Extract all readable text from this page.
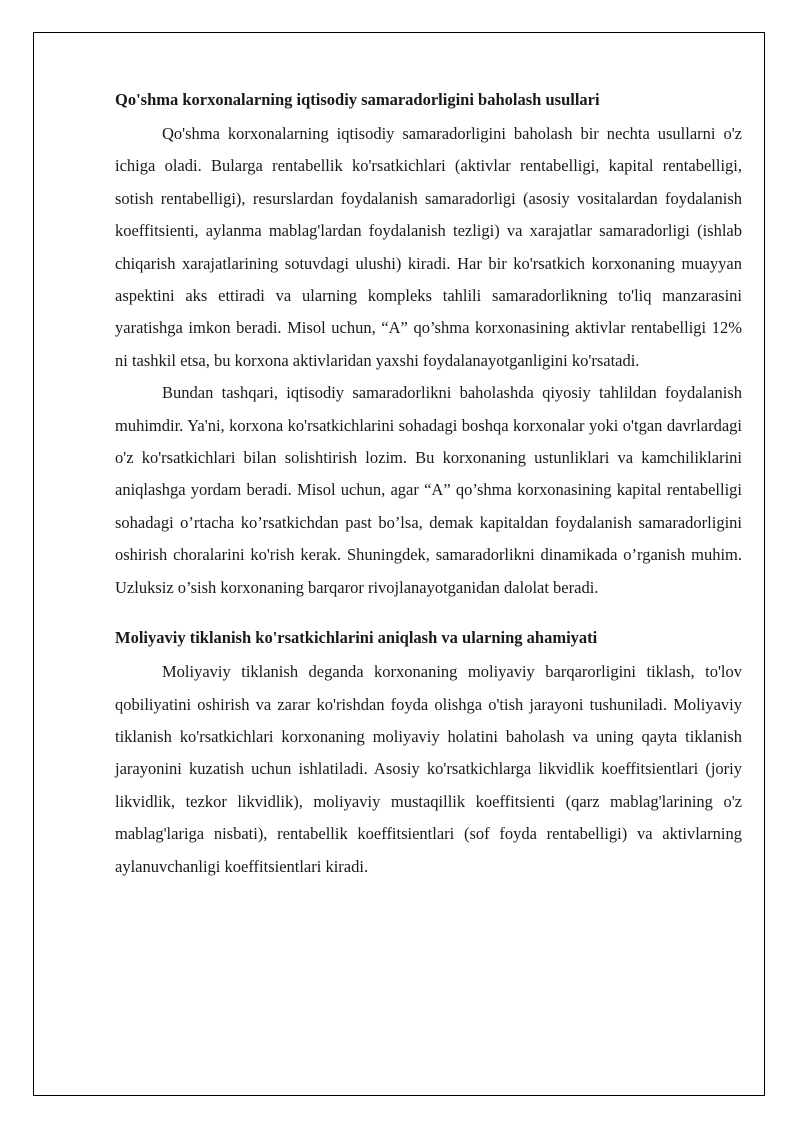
Qo'shma korxonalarning iqtisodiy samaradorligini baholash usullari

Qo'shma korxonalarning iqtisodiy samaradorligini baholash bir nechta usullarni o'z ichiga oladi. Bularga rentabellik ko'rsatkichlari (aktivlar rentabelligi, kapital rentabelligi, sotish rentabelligi), resurslardan foydalanish samaradorligi (asosiy vositalardan foydalanish koeffitsienti, aylanma mablag'lardan foydalanish tezligi) va xarajatlar samaradorligi (ishlab chiqarish xarajatlarining sotuvdagi ulushi) kiradi. Har bir ko'rsatkich korxonaning muayyan aspektini aks ettiradi va ularning kompleks tahlili samaradorlikning to'liq manzarasini yaratishga imkon beradi. Misol uchun, “A” qo’shma korxonasining aktivlar rentabelligi 12% ni tashkil etsa, bu korxona aktivlaridan yaxshi foydalanayotganligini ko'rsatadi.

Bundan tashqari, iqtisodiy samaradorlikni baholashda qiyosiy tahlildan foydalanish muhimdir. Ya'ni, korxona ko'rsatkichlarini sohadagi boshqa korxonalar yoki o'tgan davrlardagi o'z ko'rsatkichlari bilan solishtirish lozim. Bu korxonaning ustunliklari va kamchiliklarini aniqlashga yordam beradi. Misol uchun, agar “A” qo’shma korxonasining kapital rentabelligi sohadagi o’rtacha ko’rsatkichdan past bo’lsa, demak kapitaldan foydalanish samaradorligini oshirish choralarini ko'rish kerak. Shuningdek, samaradorlikni dinamikada o’rganish muhim. Uzluksiz o’sish korxonaning barqaror rivojlanayotganidan dalolat beradi.

Moliyaviy tiklanish ko'rsatkichlarini aniqlash va ularning ahamiyati

Moliyaviy tiklanish deganda korxonaning moliyaviy barqarorligini tiklash, to'lov qobiliyatini oshirish va zarar ko'rishdan foyda olishga o'tish jarayoni tushuniladi. Moliyaviy tiklanish ko'rsatkichlari korxonaning moliyaviy holatini baholash va uning qayta tiklanish jarayonini kuzatish uchun ishlatiladi. Asosiy ko'rsatkichlarga likvidlik koeffitsientlari (joriy likvidlik, tezkor likvidlik), moliyaviy mustaqillik koeffitsienti (qarz mablag'larining o'z mablag'lariga nisbati), rentabellik koeffitsientlari (sof foyda rentabelligi) va aktivlarning aylanuvchanligi koeffitsientlari kiradi.
